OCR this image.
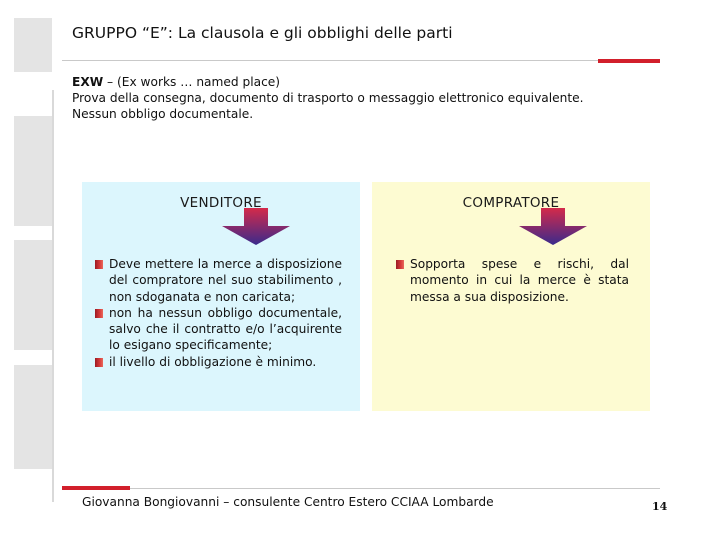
GRUPPO “E”: La clausola e gli obblighi delle parti
EXW – (Ex works … named place)
Prova della consegna, documento di trasporto o messaggio elettronico equivalente.
Nessun obbligo documentale.
VENDITORE
Deve mettere la merce a disposizione del compratore nel suo stabilimento , non sdoganata e non caricata;
non ha nessun obbligo documentale, salvo che il contratto e/o l’acquirente lo esigano specificamente;
il livello di obbligazione è minimo.
COMPRATORE
Sopporta spese e rischi, dal momento in cui la merce è stata messa a sua disposizione.
Giovanna Bongiovanni – consulente Centro Estero CCIAA Lombarde	14
